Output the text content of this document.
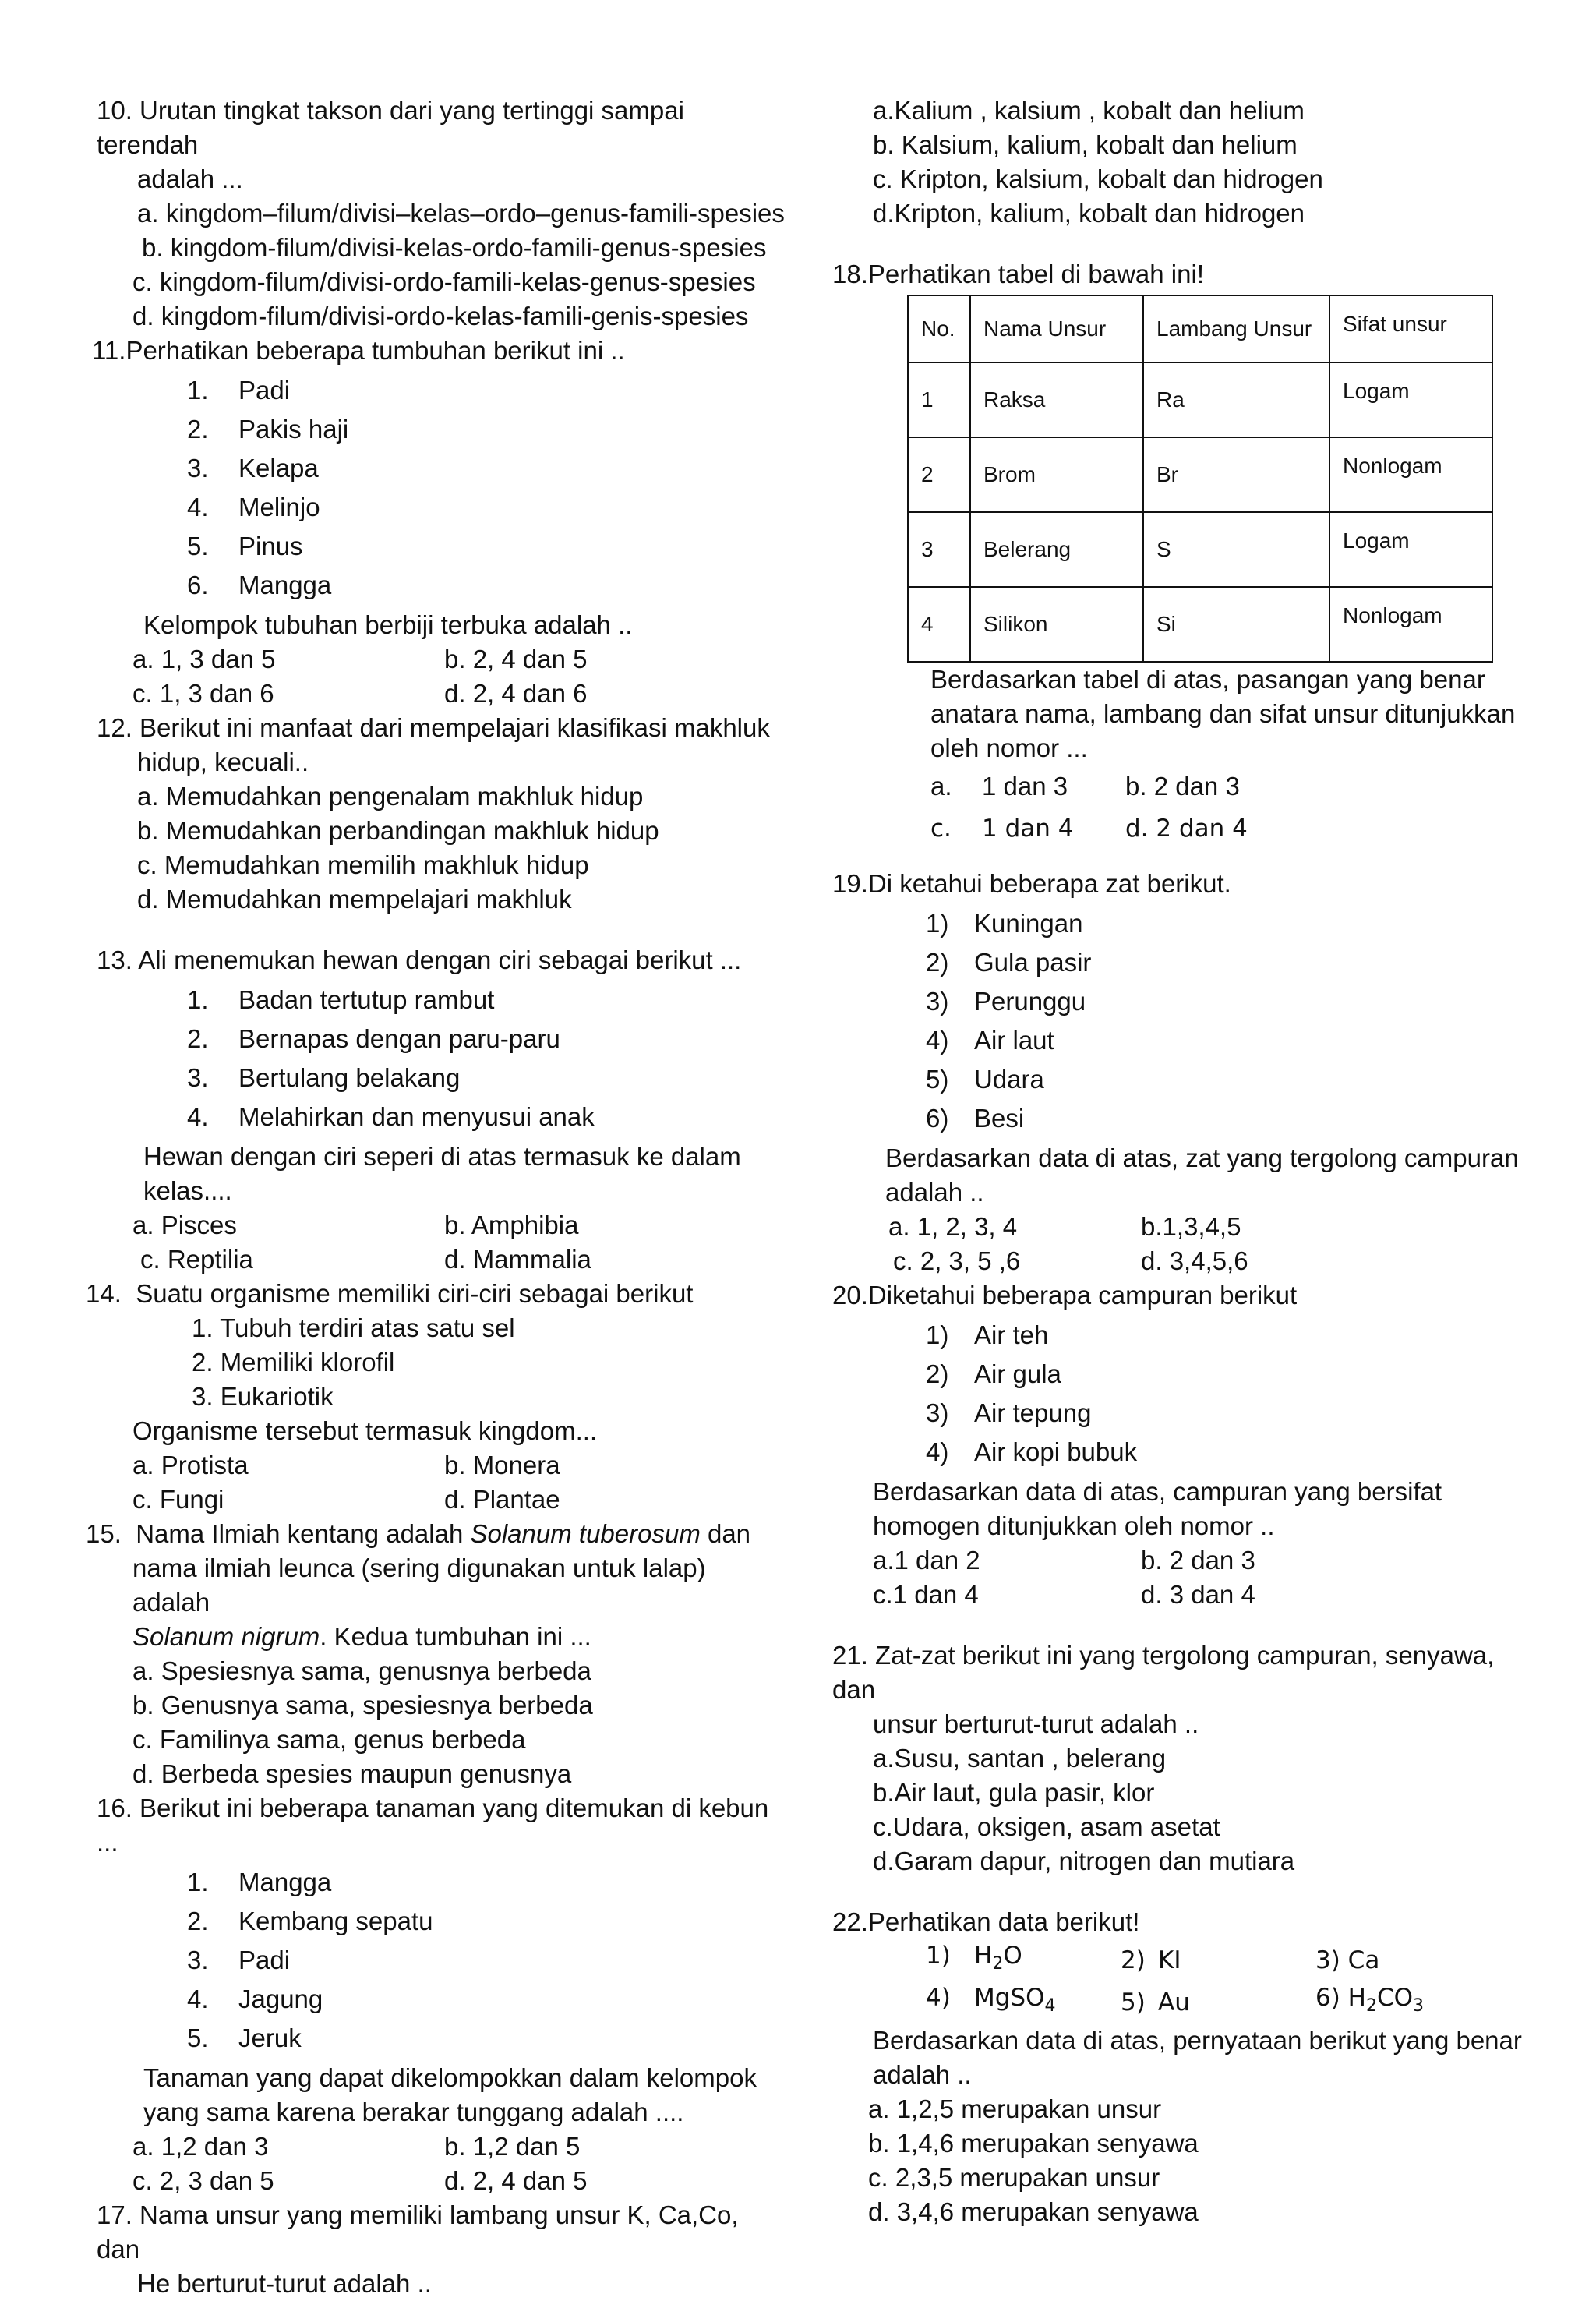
10. Urutan tingkat takson dari yang tertinggi sampai terendah
adalah ...
a. kingdom–filum/divisi–kelas–ordo–genus-famili-spesies
b. kingdom-filum/divisi-kelas-ordo-famili-genus-spesies
c. kingdom-filum/divisi-ordo-famili-kelas-genus-spesies
d. kingdom-filum/divisi-ordo-kelas-famili-genis-spesies
11.Perhatikan beberapa tumbuhan berikut ini ..
1.	Padi
2.	Pakis haji
3.	Kelapa
4.	Melinjo
5.	Pinus
6.	Mangga
Kelompok tubuhan berbiji terbuka adalah ..
a. 1, 3 dan 5	b. 2, 4 dan 5
c. 1, 3 dan 6	d. 2, 4 dan 6
12. Berikut ini manfaat dari mempelajari klasifikasi makhluk
hidup, kecuali..
a. Memudahkan pengenalam makhluk hidup
b. Memudahkan perbandingan makhluk hidup
c. Memudahkan memilih makhluk hidup
d. Memudahkan mempelajari makhluk
13. Ali menemukan hewan dengan ciri sebagai berikut ...
1.	Badan tertutup rambut
2.	Bernapas dengan paru-paru
3.	Bertulang belakang
4.	Melahirkan dan menyusui anak
Hewan dengan ciri seperi di atas termasuk ke dalam
kelas....
a. Pisces	b. Amphibia
c. Reptilia	d. Mammalia
14. Suatu organisme memiliki ciri-ciri sebagai berikut
1. Tubuh terdiri atas satu sel
2. Memiliki klorofil
3. Eukariotik
Organisme tersebut termasuk kingdom...
a. Protista	b. Monera
c. Fungi	d. Plantae
15. Nama Ilmiah kentang adalah Solanum tuberosum dan
nama ilmiah leunca (sering digunakan untuk lalap) adalah
Solanum nigrum. Kedua tumbuhan ini ...
a. Spesiesnya sama, genusnya berbeda
b. Genusnya sama, spesiesnya berbeda
c. Familinya sama, genus berbeda
d. Berbeda spesies maupun genusnya
16. Berikut ini beberapa tanaman yang ditemukan di kebun ...
1.	Mangga
2.	Kembang sepatu
3.	Padi
4.	Jagung
5.	Jeruk
Tanaman yang dapat dikelompokkan dalam kelompok
yang sama karena berakar tunggang adalah ....
a. 1,2 dan 3	b. 1,2 dan 5
c. 2, 3 dan 5	d. 2, 4 dan 5
17. Nama unsur yang memiliki lambang unsur K, Ca,Co, dan
He berturut-turut adalah ..
a.Kalium , kalsium , kobalt dan helium
b. Kalsium, kalium, kobalt dan helium
c. Kripton, kalsium, kobalt dan hidrogen
d.Kripton, kalium, kobalt dan hidrogen
18.Perhatikan tabel di bawah ini!
No.	Nama Unsur	Lambang Unsur	Sifat unsur
1	Raksa	Ra	Logam
2	Brom	Br	Nonlogam
3	Belerang	S	Logam
4	Silikon	Si	Nonlogam
Berdasarkan tabel di atas, pasangan yang benar
anatara nama, lambang dan sifat unsur ditunjukkan
oleh nomor ...
a.	1 dan 3	b. 2 dan 3
c.	1 dan 4	d. 2 dan 4
19.Di ketahui beberapa zat berikut.
1) Kuningan
2) Gula pasir
3) Perunggu
4) Air laut
5) Udara
6) Besi
Berdasarkan data di atas, zat yang tergolong campuran
adalah ..
a. 1, 2, 3, 4	b.1,3,4,5
c. 2, 3, 5 ,6	d. 3,4,5,6
20.Diketahui beberapa campuran berikut
1) Air teh
2) Air gula
3) Air tepung
4) Air kopi bubuk
Berdasarkan data di atas, campuran yang bersifat
homogen ditunjukkan oleh nomor ..
a.1 dan 2	b. 2 dan 3
c.1 dan 4	d. 3 dan 4
21. Zat-zat berikut ini yang tergolong campuran, senyawa, dan
unsur berturut-turut adalah ..
a.Susu, santan , belerang
b.Air laut, gula pasir, klor
c.Udara, oksigen, asam asetat
d.Garam dapur, nitrogen dan mutiara
22.Perhatikan data berikut!
1) $H_2O$	2) KI	3) Ca
4) MgSO$_4$	5) Au	6) $H_2CO_3$
Berdasarkan data di atas, pernyataan berikut yang benar
adalah ..
a. 1,2,5 merupakan unsur
b. 1,4,6 merupakan senyawa
c. 2,3,5 merupakan unsur
d. 3,4,6 merupakan senyawa
